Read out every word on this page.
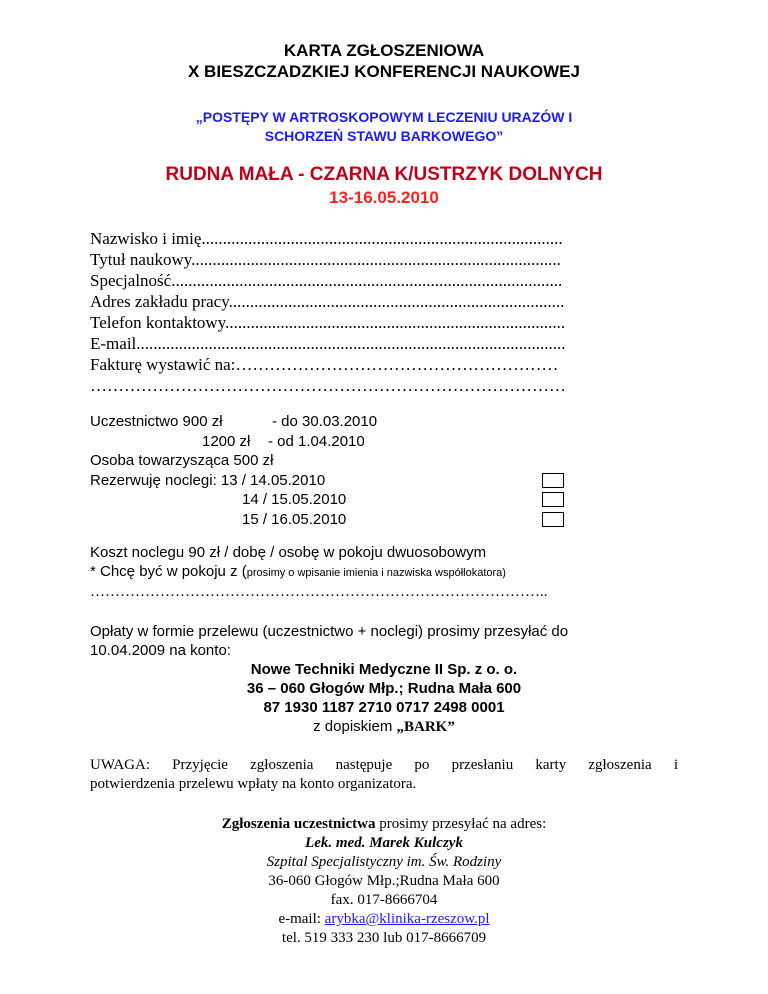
KARTA ZGŁOSZENIOWA
X BIESZCZADZKIEJ KONFERENCJI NAUKOWEJ
„POSTĘPY W ARTROSKOPOWYM LECZENIU URAZÓW I
SCHORZEŃ STAWU BARKOWEGO”
RUDNA MAŁA - CZARNA K/USTRZYK DOLNYCH
13-16.05.2010
Nazwisko i imię.....................................................................................
Tytuł naukowy.......................................................................................
Specjalność............................................................................................
Adres zakładu pracy...............................................................................
Telefon kontaktowy................................................................................
E-mail.....................................................................................................
Fakturę wystawić na:…………………………………………………
…………………………………………………………………………
Uczestnictwo 900 zł	- do 30.03.2010
1200 zł - od 1.04.2010
Osoba towarzysząca 500 zł
Rezerwuję noclegi: 13 / 14.05.2010
14 / 15.05.2010
15 / 16.05.2010
Koszt noclegu 90 zł / dobę / osobę w pokoju dwuosobowym
* Chcę być w pokoju z (prosimy o wpisanie imienia i nazwiska współlokatora)
………………………………………………………………………………..
Opłaty w formie przelewu (uczestnictwo + noclegi) prosimy przesyłać do
10.04.2009 na konto:
Nowe Techniki Medyczne II Sp. z o. o.
36 – 060 Głogów Młp.; Rudna Mała 600
87 1930 1187 2710 0717 2498 0001
z dopiskiem „BARK”
UWAGA: Przyjęcie zgłoszenia następuje po przesłaniu karty zgłoszenia i
potwierdzenia przelewu wpłaty na konto organizatora.
Zgłoszenia uczestnictwa prosimy przesyłać na adres:
Lek. med. Marek Kulczyk
Szpital Specjalistyczny im. Św. Rodziny
36-060 Głogów Młp.;Rudna Mała 600
fax. 017-8666704
e-mail: arybka@klinika-rzeszow.pl
tel. 519 333 230 lub 017-8666709
